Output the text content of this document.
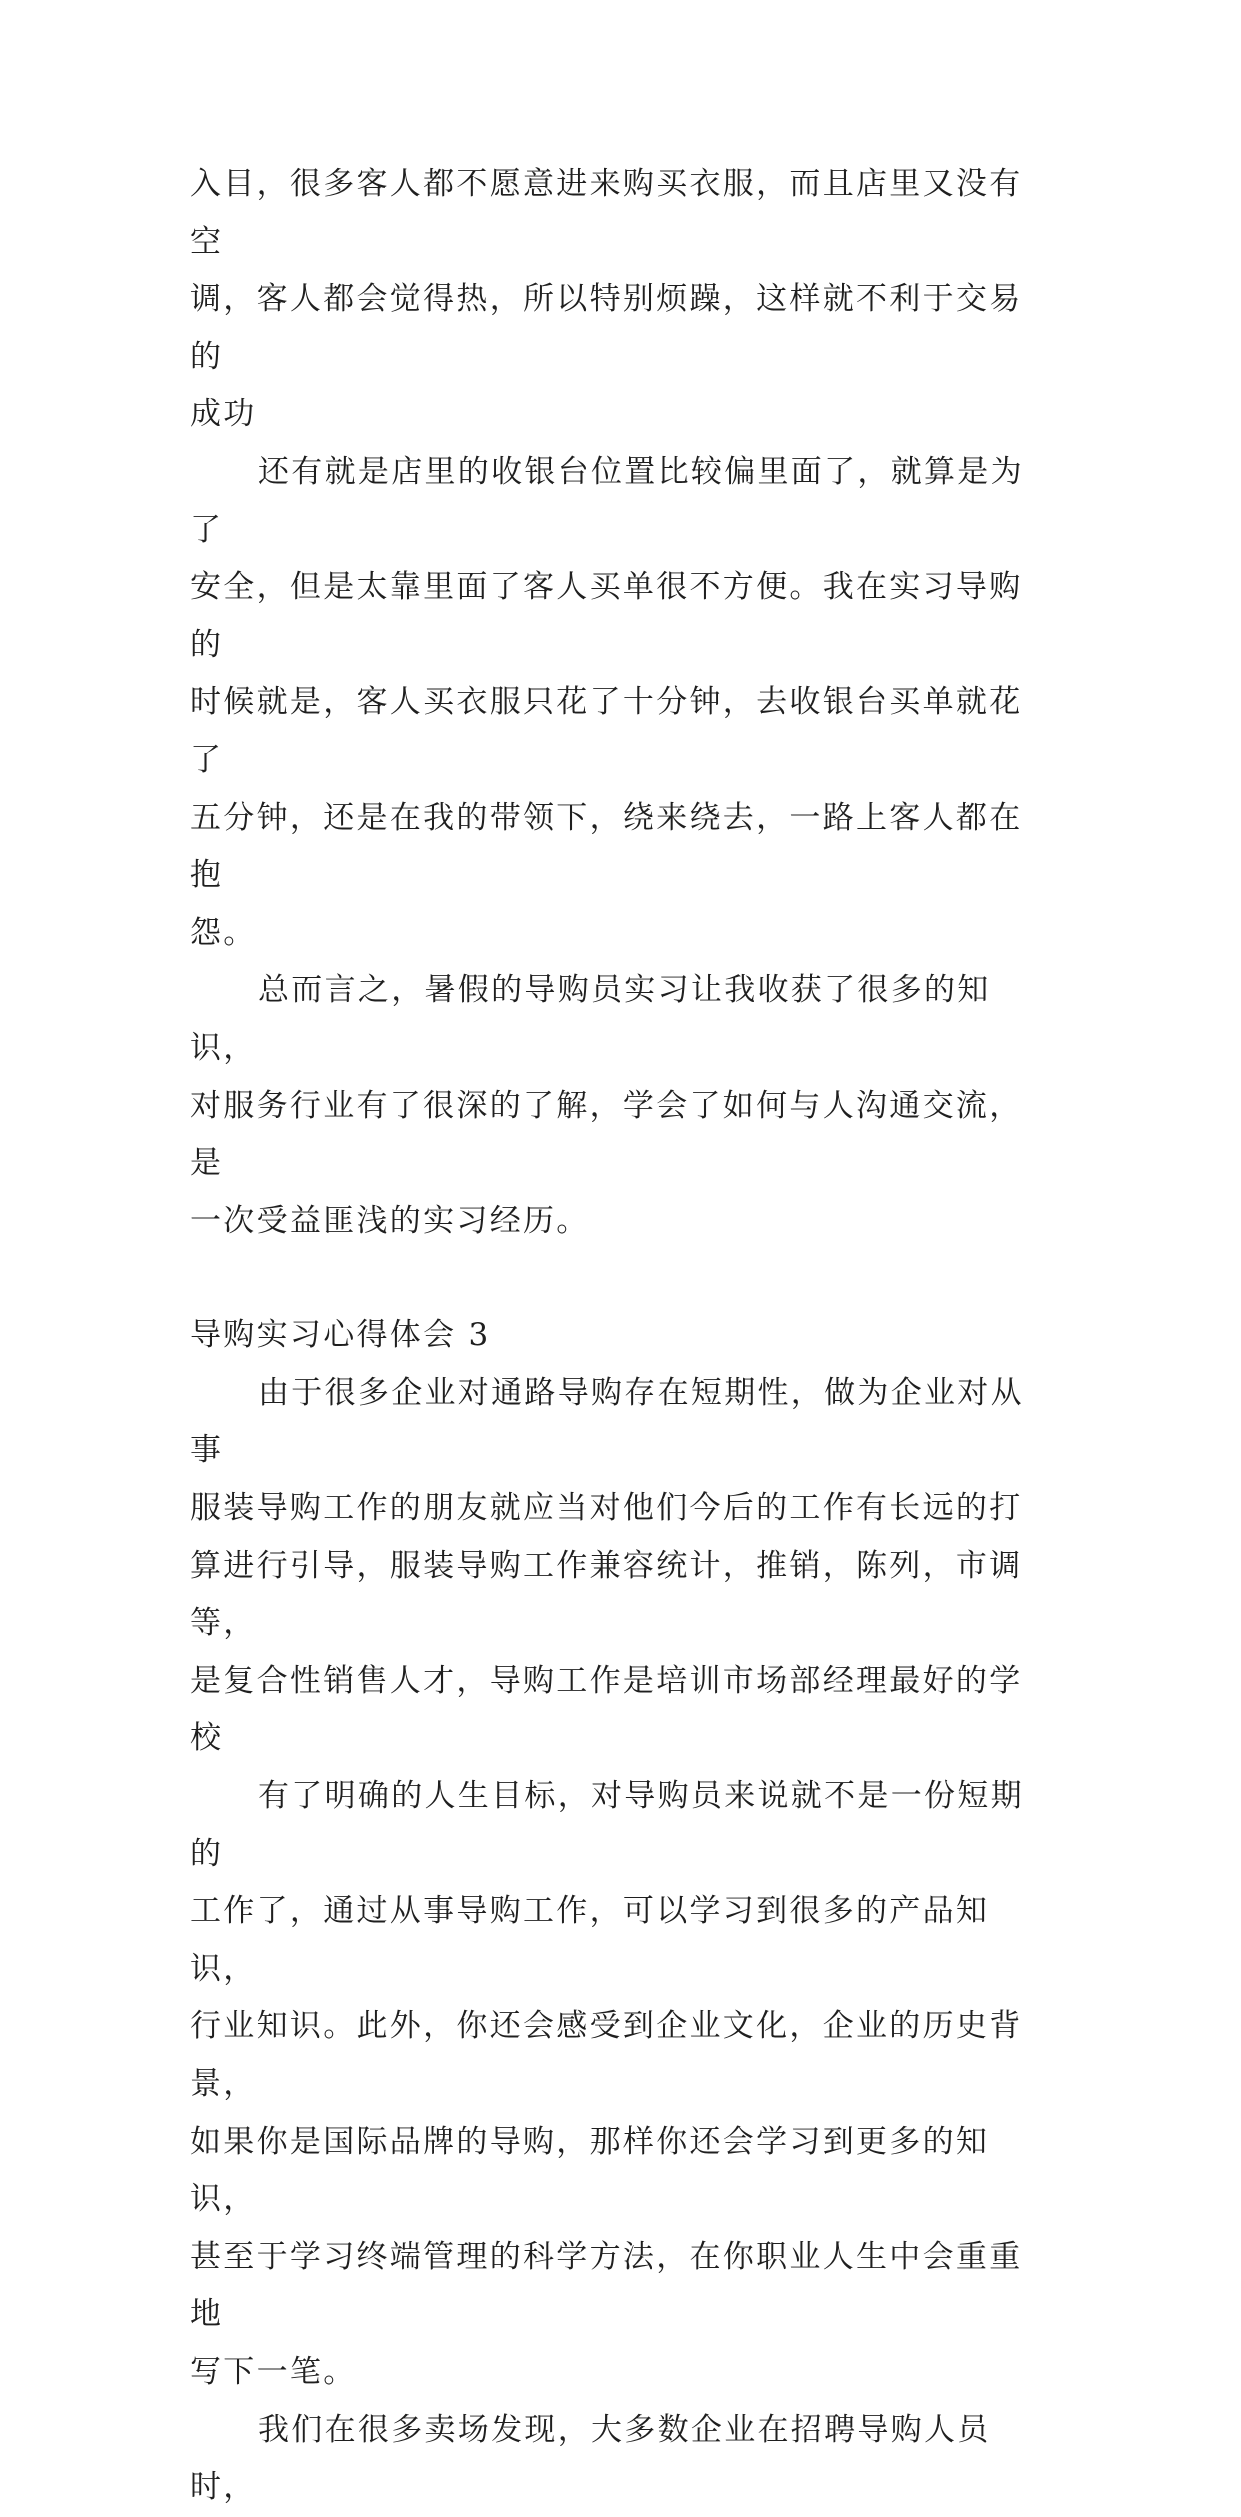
入目，很多客人都不愿意进来购买衣服，而且店里又没有空
调，客人都会觉得热，所以特别烦躁，这样就不利于交易的
成功
还有就是店里的收银台位置比较偏里面了，就算是为了
安全，但是太靠里面了客人买单很不方便。我在实习导购的
时候就是，客人买衣服只花了十分钟，去收银台买单就花了
五分钟，还是在我的带领下，绕来绕去，一路上客人都在抱
怨。
总而言之，暑假的导购员实习让我收获了很多的知识，
对服务行业有了很深的了解，学会了如何与人沟通交流，是
一次受益匪浅的实习经历。
导购实习心得体会 3
由于很多企业对通路导购存在短期性，做为企业对从事
服装导购工作的朋友就应当对他们今后的工作有长远的打
算进行引导，服装导购工作兼容统计，推销，陈列，市调等，
是复合性销售人才，导购工作是培训市场部经理最好的学校
有了明确的人生目标，对导购员来说就不是一份短期的
工作了，通过从事导购工作，可以学习到很多的产品知识，
行业知识。此外，你还会感受到企业文化，企业的历史背景，
如果你是国际品牌的导购，那样你还会学习到更多的知识，
甚至于学习终端管理的科学方法，在你职业人生中会重重地
写下一笔。
我们在很多卖场发现，大多数企业在招聘导购人员时，
